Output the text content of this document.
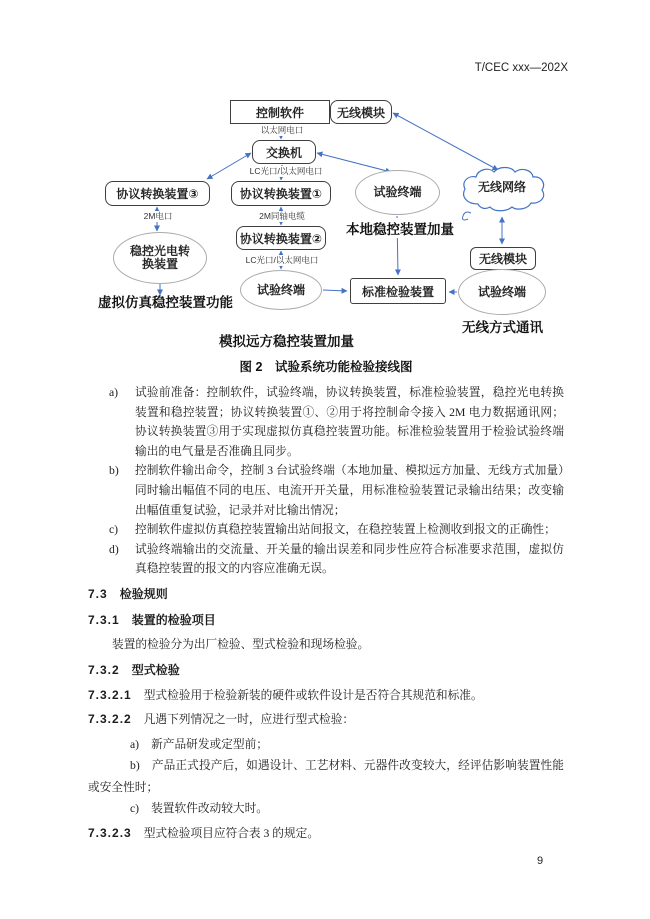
T/CEC xxx—202X
控制软件	无线模块
交换机
协议转换装置③	协议转换装置①
协议转换装置②
稳控光电转换装置
试验终端
试验终端
标准检验装置
无线网络
无线模块
试验终端
以太网电口
LC光口/以太网电口
2M电口	2M同轴电缆
LC光口/以太网电口
虚拟仿真稳控装置功能
本地稳控装置加量
模拟远方稳控装置加量
无线方式通讯
图 2　试验系统功能检验接线图

a) 试验前准备：控制软件，试验终端，协议转换装置，标准检验装置，稳控光电转换装置和稳控装置；协议转换装置①、②用于将控制命令接入 2M 电力数据通讯网；协议转换装置③用于实现虚拟仿真稳控装置功能。标准检验装置用于检验试验终端输出的电气量是否准确且同步。

b) 控制软件输出命令，控制 3 台试验终端（本地加量、模拟远方加量、无线方式加量）同时输出幅值不同的电压、电流开开关量，用标准检验装置记录输出结果；改变输出幅值重复试验，记录并对比输出情况；

c) 控制软件虚拟仿真稳控装置输出站间报文，在稳控装置上检测收到报文的正确性；

d) 试验终端输出的交流量、开关量的输出误差和同步性应符合标准要求范围，虚拟仿真稳控装置的报文的内容应准确无误。

7.3 检验规则

7.3.1 装置的检验项目

装置的检验分为出厂检验、型式检验和现场检验。

7.3.2 型式检验

7.3.2.1 型式检验用于检验新装的硬件或软件设计是否符合其规范和标准。

7.3.2.2 凡遇下列情况之一时，应进行型式检验：

a) 新产品研发或定型前；

b) 产品正式投产后，如遇设计、工艺材料、元器件改变较大，经评估影响装置性能或安全性时；

c) 装置软件改动较大时。

7.3.2.3 型式检验项目应符合表 3 的规定。

9
